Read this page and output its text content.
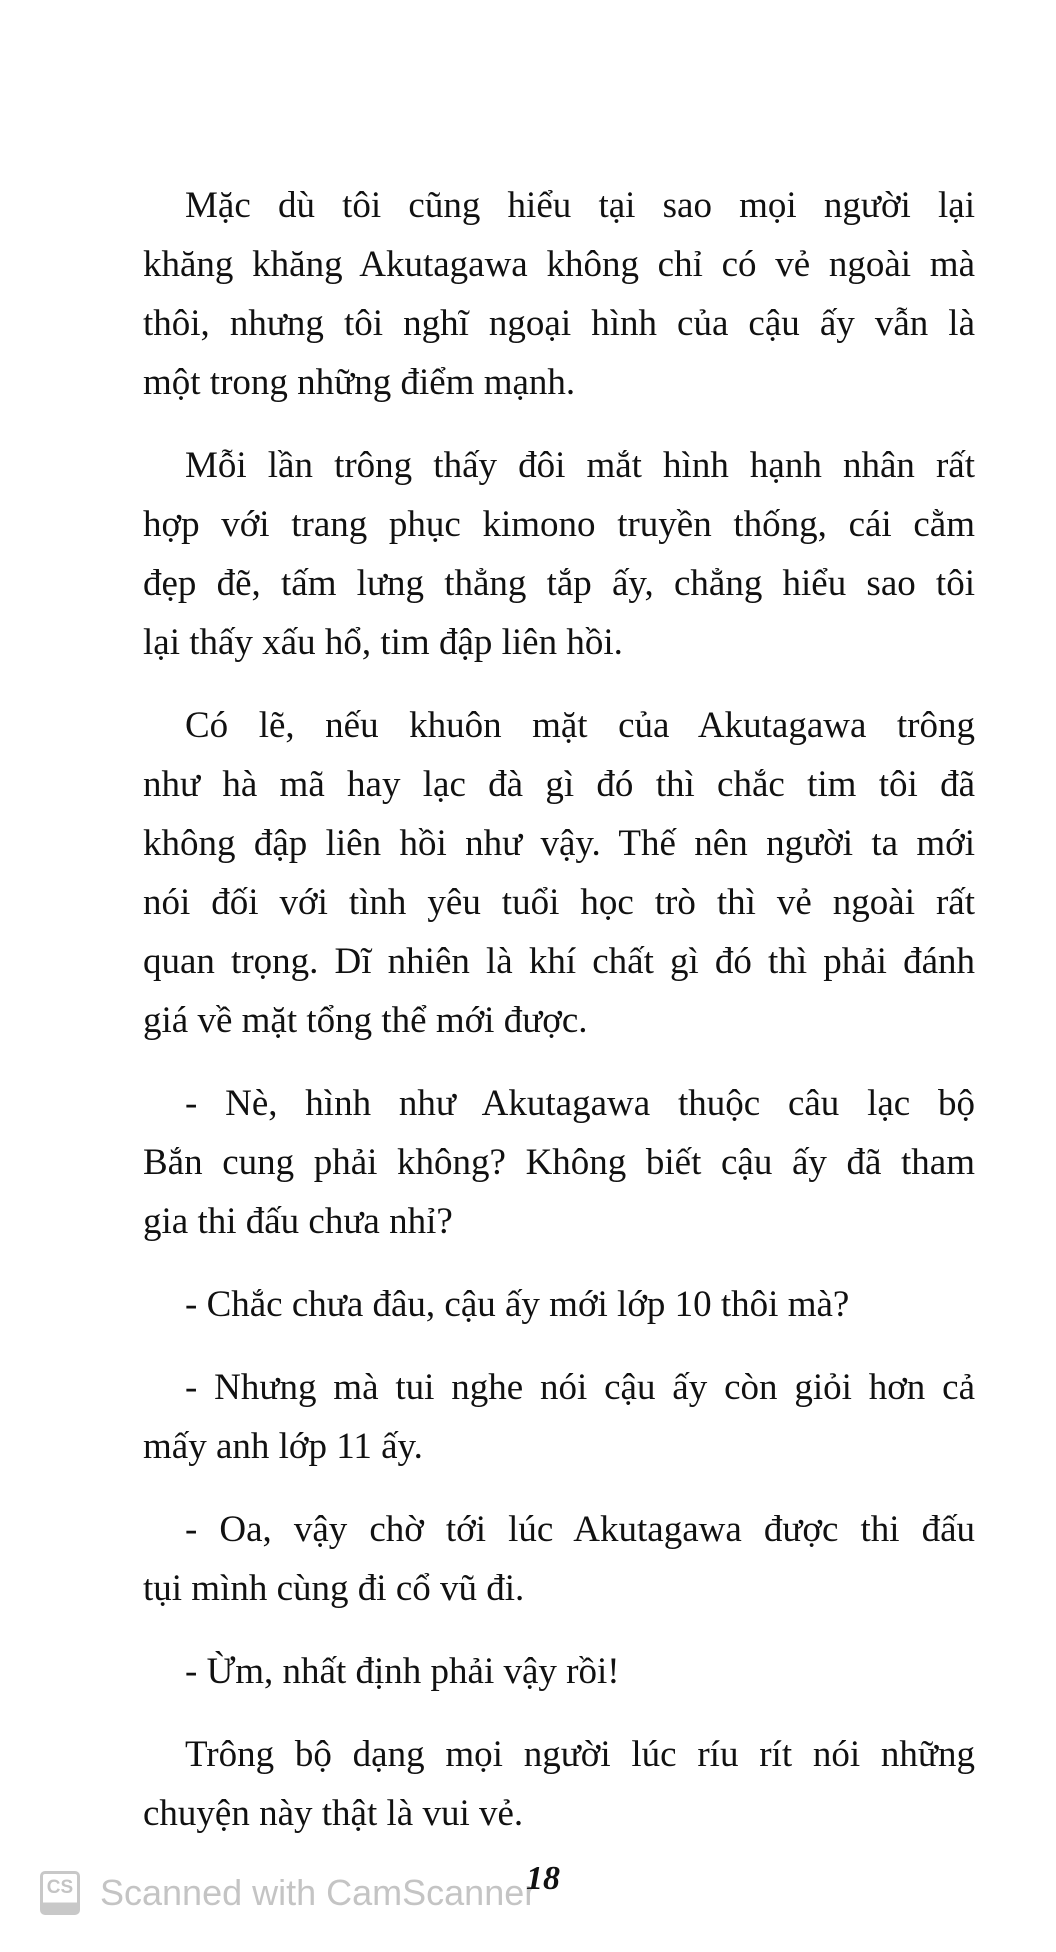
Mặc dù tôi cũng hiểu tại sao mọi người lại
khăng khăng Akutagawa không chỉ có vẻ ngoài mà
thôi, nhưng tôi nghĩ ngoại hình của cậu ấy vẫn là
một trong những điểm mạnh.
Mỗi lần trông thấy đôi mắt hình hạnh nhân rất
hợp với trang phục kimono truyền thống, cái cằm
đẹp đẽ, tấm lưng thẳng tắp ấy, chẳng hiểu sao tôi
lại thấy xấu hổ, tim đập liên hồi.
Có lẽ, nếu khuôn mặt của Akutagawa trông
như hà mã hay lạc đà gì đó thì chắc tim tôi đã
không đập liên hồi như vậy. Thế nên người ta mới
nói đối với tình yêu tuổi học trò thì vẻ ngoài rất
quan trọng. Dĩ nhiên là khí chất gì đó thì phải đánh
giá về mặt tổng thể mới được.
- Nè, hình như Akutagawa thuộc câu lạc bộ
Bắn cung phải không? Không biết cậu ấy đã tham
gia thi đấu chưa nhỉ?
- Chắc chưa đâu, cậu ấy mới lớp 10 thôi mà?
- Nhưng mà tui nghe nói cậu ấy còn giỏi hơn cả
mấy anh lớp 11 ấy.
- Oa, vậy chờ tới lúc Akutagawa được thi đấu
tụi mình cùng đi cổ vũ đi.
- Ừm, nhất định phải vậy rồi!
Trông bộ dạng mọi người lúc ríu rít nói những
chuyện này thật là vui vẻ.
CS Scanned with CamScanner
18
